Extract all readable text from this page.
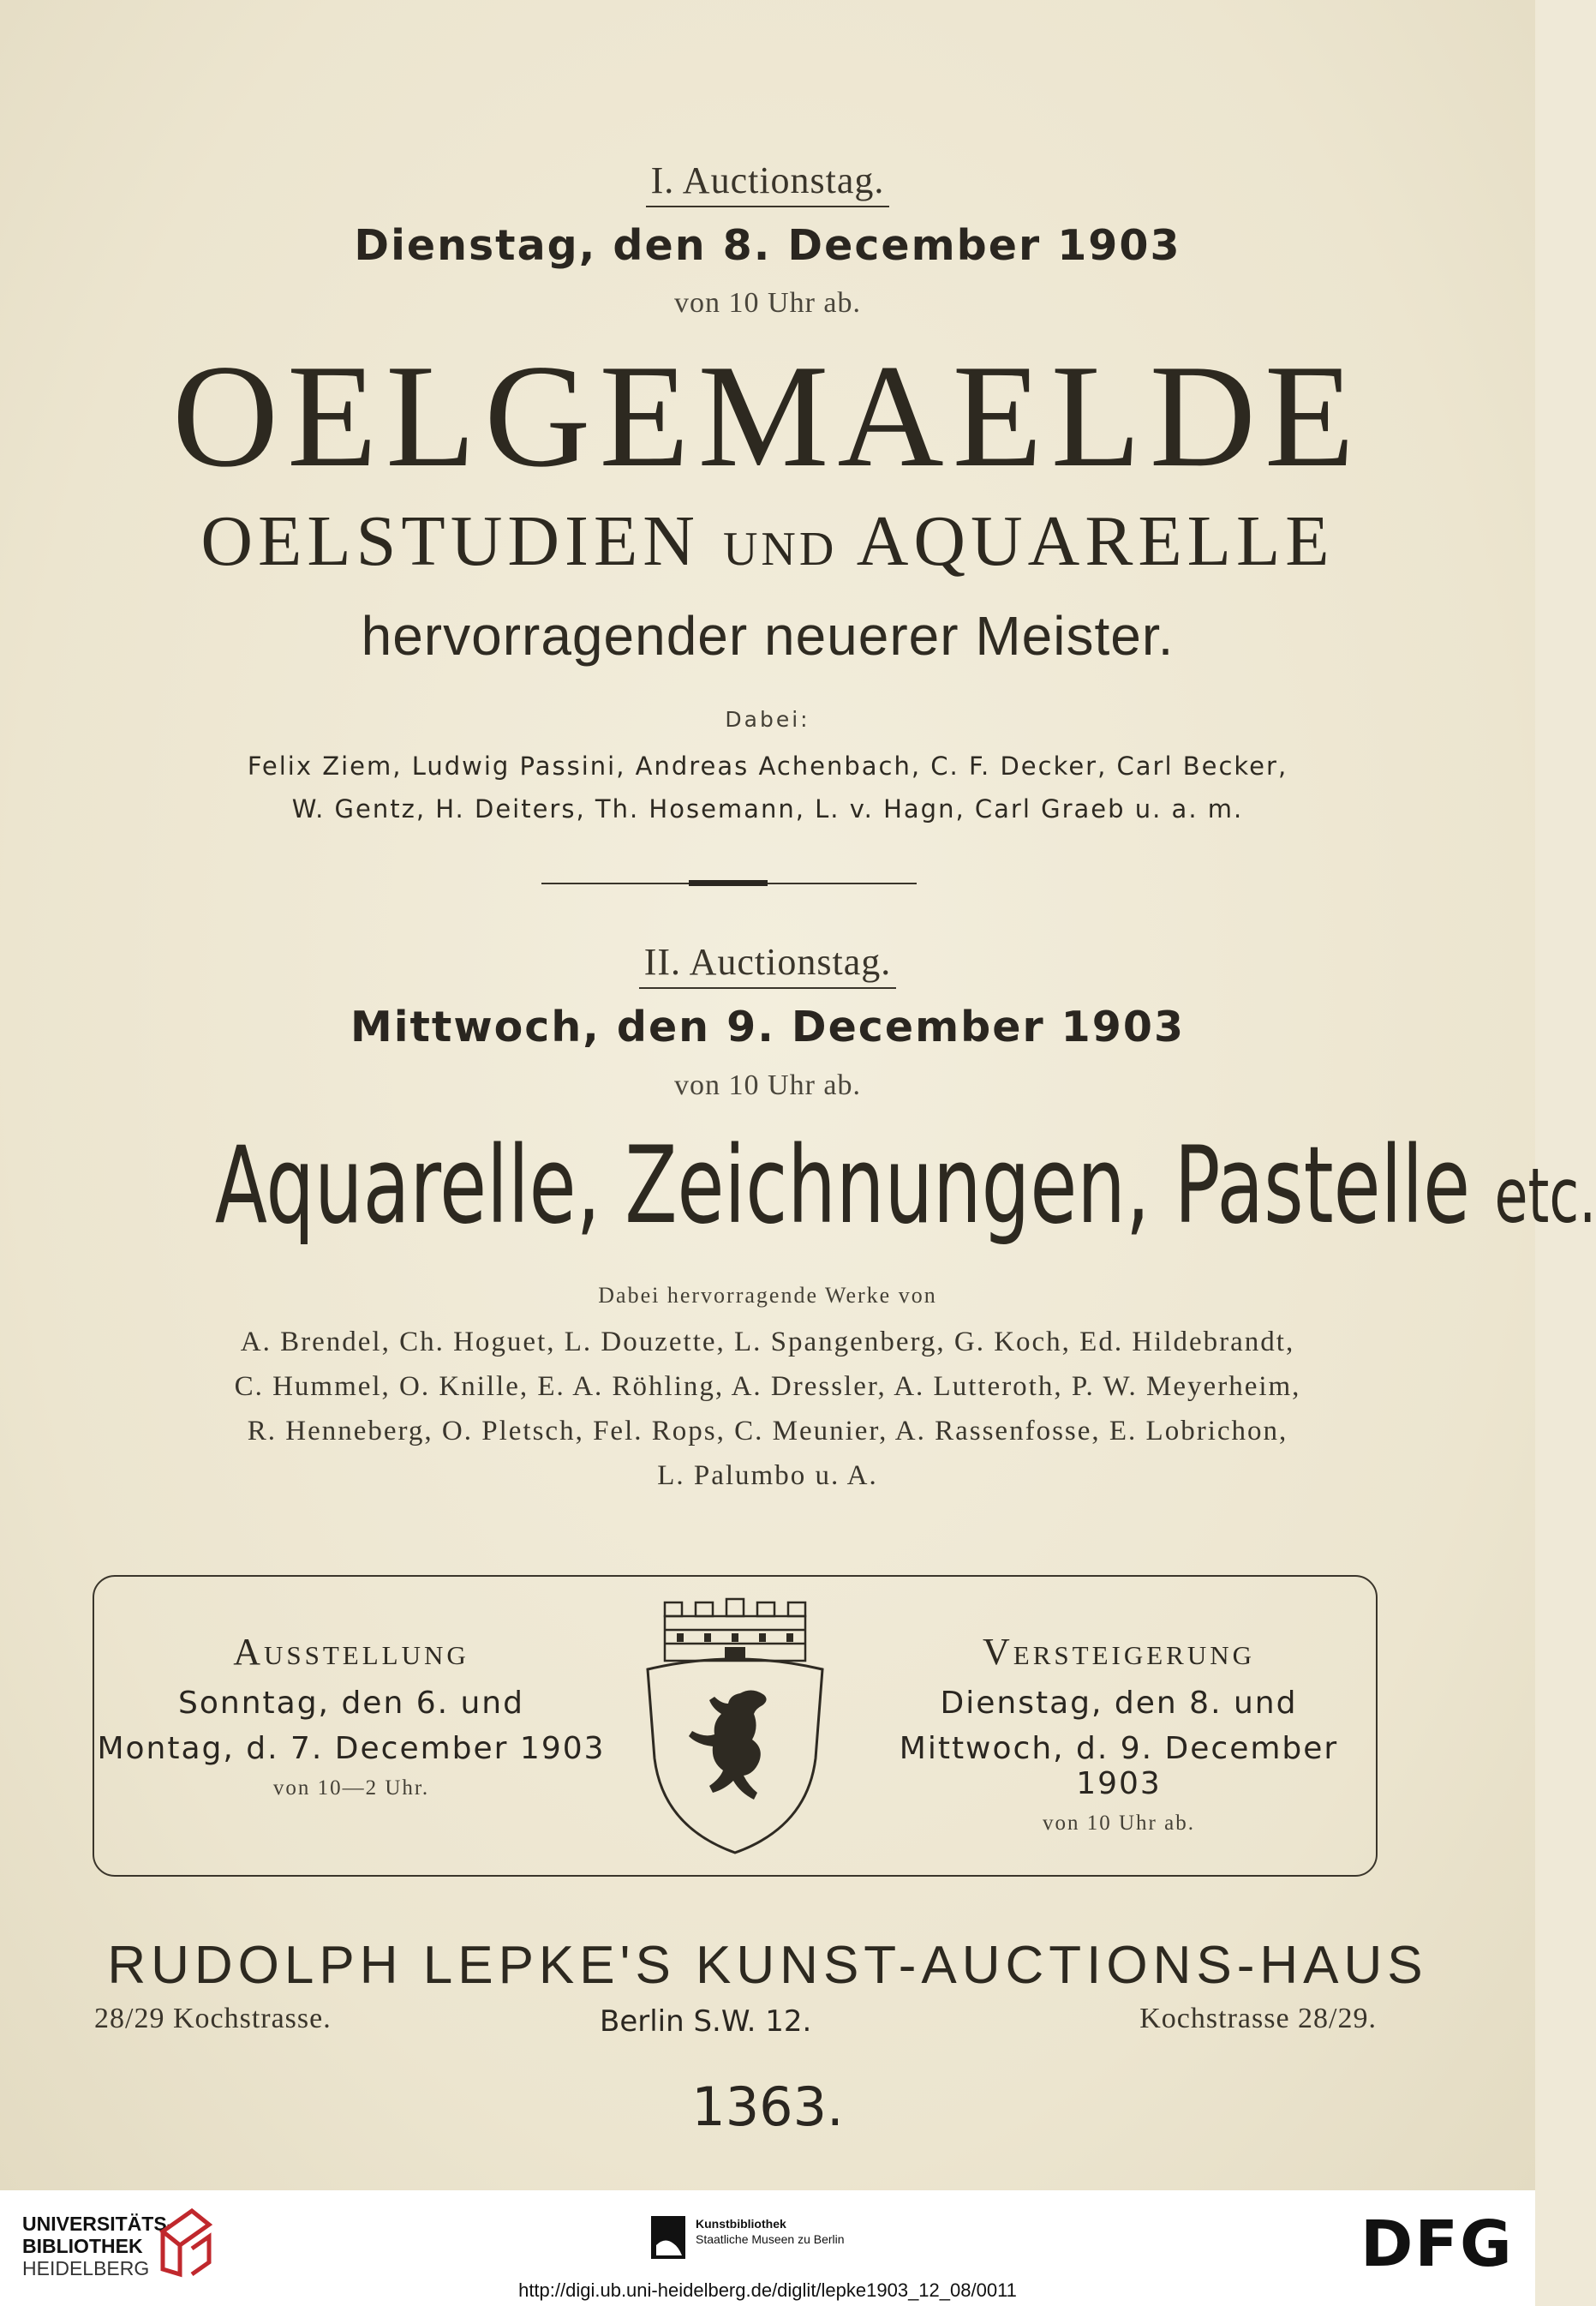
I. Auctionstag.
Dienstag, den 8. December 1903
von 10 Uhr ab.
OELGEMAELDE
OELSTUDIEN UND AQUARELLE
hervorragender neuerer Meister.
Dabei:
Felix Ziem, Ludwig Passini, Andreas Achenbach, C. F. Decker, Carl Becker,
W. Gentz, H. Deiters, Th. Hosemann, L. v. Hagn, Carl Graeb u. a. m.
II. Auctionstag.
Mittwoch, den 9. December 1903
von 10 Uhr ab.
Aquarelle, Zeichnungen, Pastelle etc.
Dabei hervorragende Werke von
A. Brendel, Ch. Hoguet, L. Douzette, L. Spangenberg, G. Koch, Ed. Hildebrandt,
C. Hummel, O. Knille, E. A. Röhling, A. Dressler, A. Lutteroth, P. W. Meyerheim,
R. Henneberg, O. Pletsch, Fel. Rops, C. Meunier, A. Rassenfosse, E. Lobrichon,
L. Palumbo u. A.
Ausstellung
Sonntag, den 6. und
Montag, d. 7. December 1903
von 10—2 Uhr.
Versteigerung
Dienstag, den 8. und
Mittwoch, d. 9. December 1903
von 10 Uhr ab.
RUDOLPH LEPKE'S KUNST-AUCTIONS-HAUS
28/29 Kochstrasse.	Berlin S.W. 12.	Kochstrasse 28/29.
1363.
UNIVERSITÄTS-
BIBLIOTHEK
HEIDELBERG
Kunstbibliothek
Staatliche Museen zu Berlin	DFG
http://digi.ub.uni-heidelberg.de/diglit/lepke1903_12_08/0011
